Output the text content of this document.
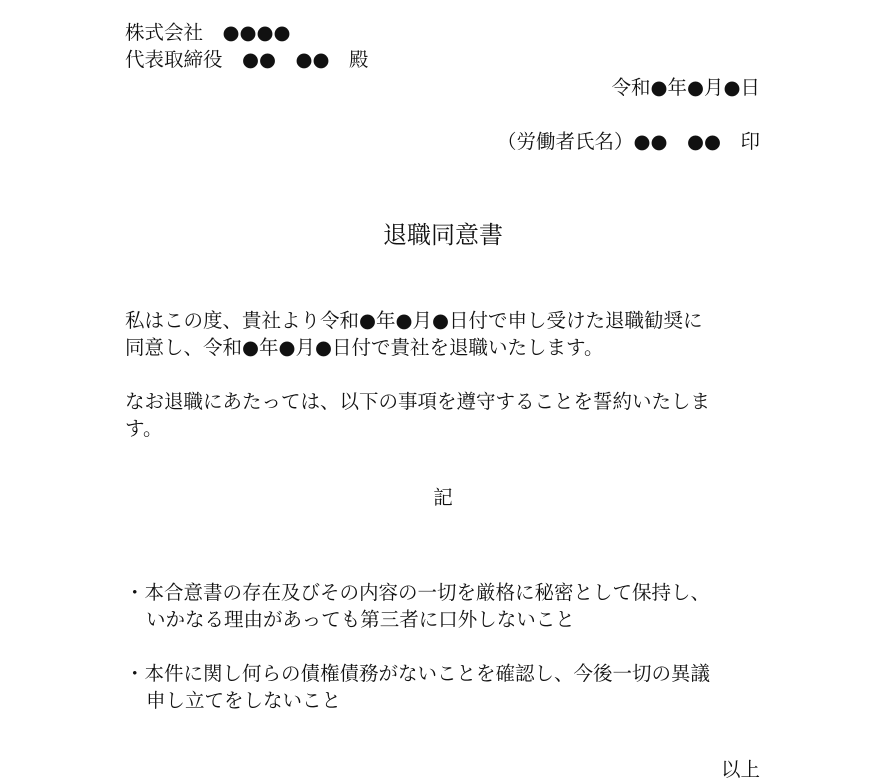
株式会社　●●●●
代表取締役　●●　●●　殿
令和●年●月●日
（労働者氏名）●●　●●　印
退職同意書
私はこの度、貴社より令和●年●月●日付で申し受けた退職勧奨に
同意し、令和●年●月●日付で貴社を退職いたします。
なお退職にあたっては、以下の事項を遵守することを誓約いたしま
す。
記
・本合意書の存在及びその内容の一切を厳格に秘密として保持し、
いかなる理由があっても第三者に口外しないこと
・本件に関し何らの債権債務がないことを確認し、今後一切の異議
申し立てをしないこと
以上
